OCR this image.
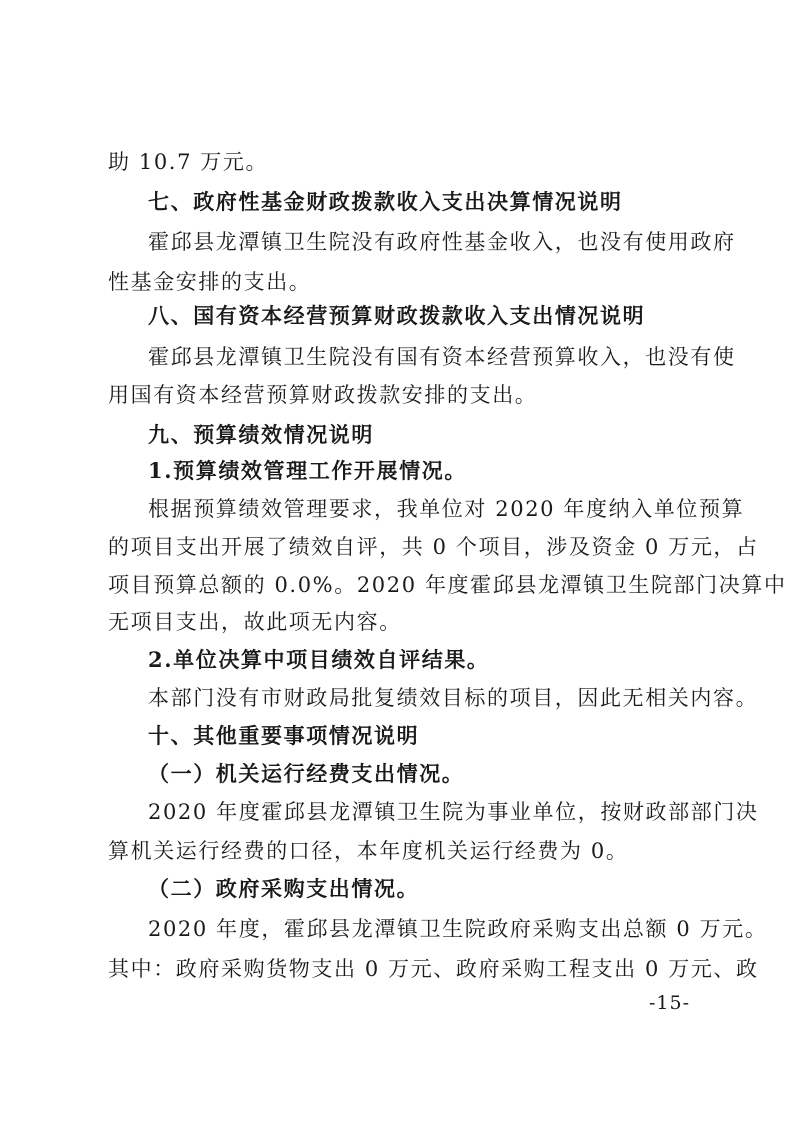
助 10.7 万元。
七、政府性基金财政拨款收入支出决算情况说明
霍邱县龙潭镇卫生院没有政府性基金收入，也没有使用政府
性基金安排的支出。
八、国有资本经营预算财政拨款收入支出情况说明
霍邱县龙潭镇卫生院没有国有资本经营预算收入，也没有使
用国有资本经营预算财政拨款安排的支出。
九、预算绩效情况说明
1.预算绩效管理工作开展情况。
根据预算绩效管理要求，我单位对 2020 年度纳入单位预算
的项目支出开展了绩效自评，共 0 个项目，涉及资金 0 万元，占
项目预算总额的 0.0%。2020 年度霍邱县龙潭镇卫生院部门决算中
无项目支出，故此项无内容。
2.单位决算中项目绩效自评结果。
本部门没有市财政局批复绩效目标的项目，因此无相关内容。
十、其他重要事项情况说明
（一）机关运行经费支出情况。
2020 年度霍邱县龙潭镇卫生院为事业单位，按财政部部门决
算机关运行经费的口径，本年度机关运行经费为 0。
（二）政府采购支出情况。
2020 年度，霍邱县龙潭镇卫生院政府采购支出总额 0 万元。
其中：政府采购货物支出 0 万元、政府采购工程支出 0 万元、政
-15-
